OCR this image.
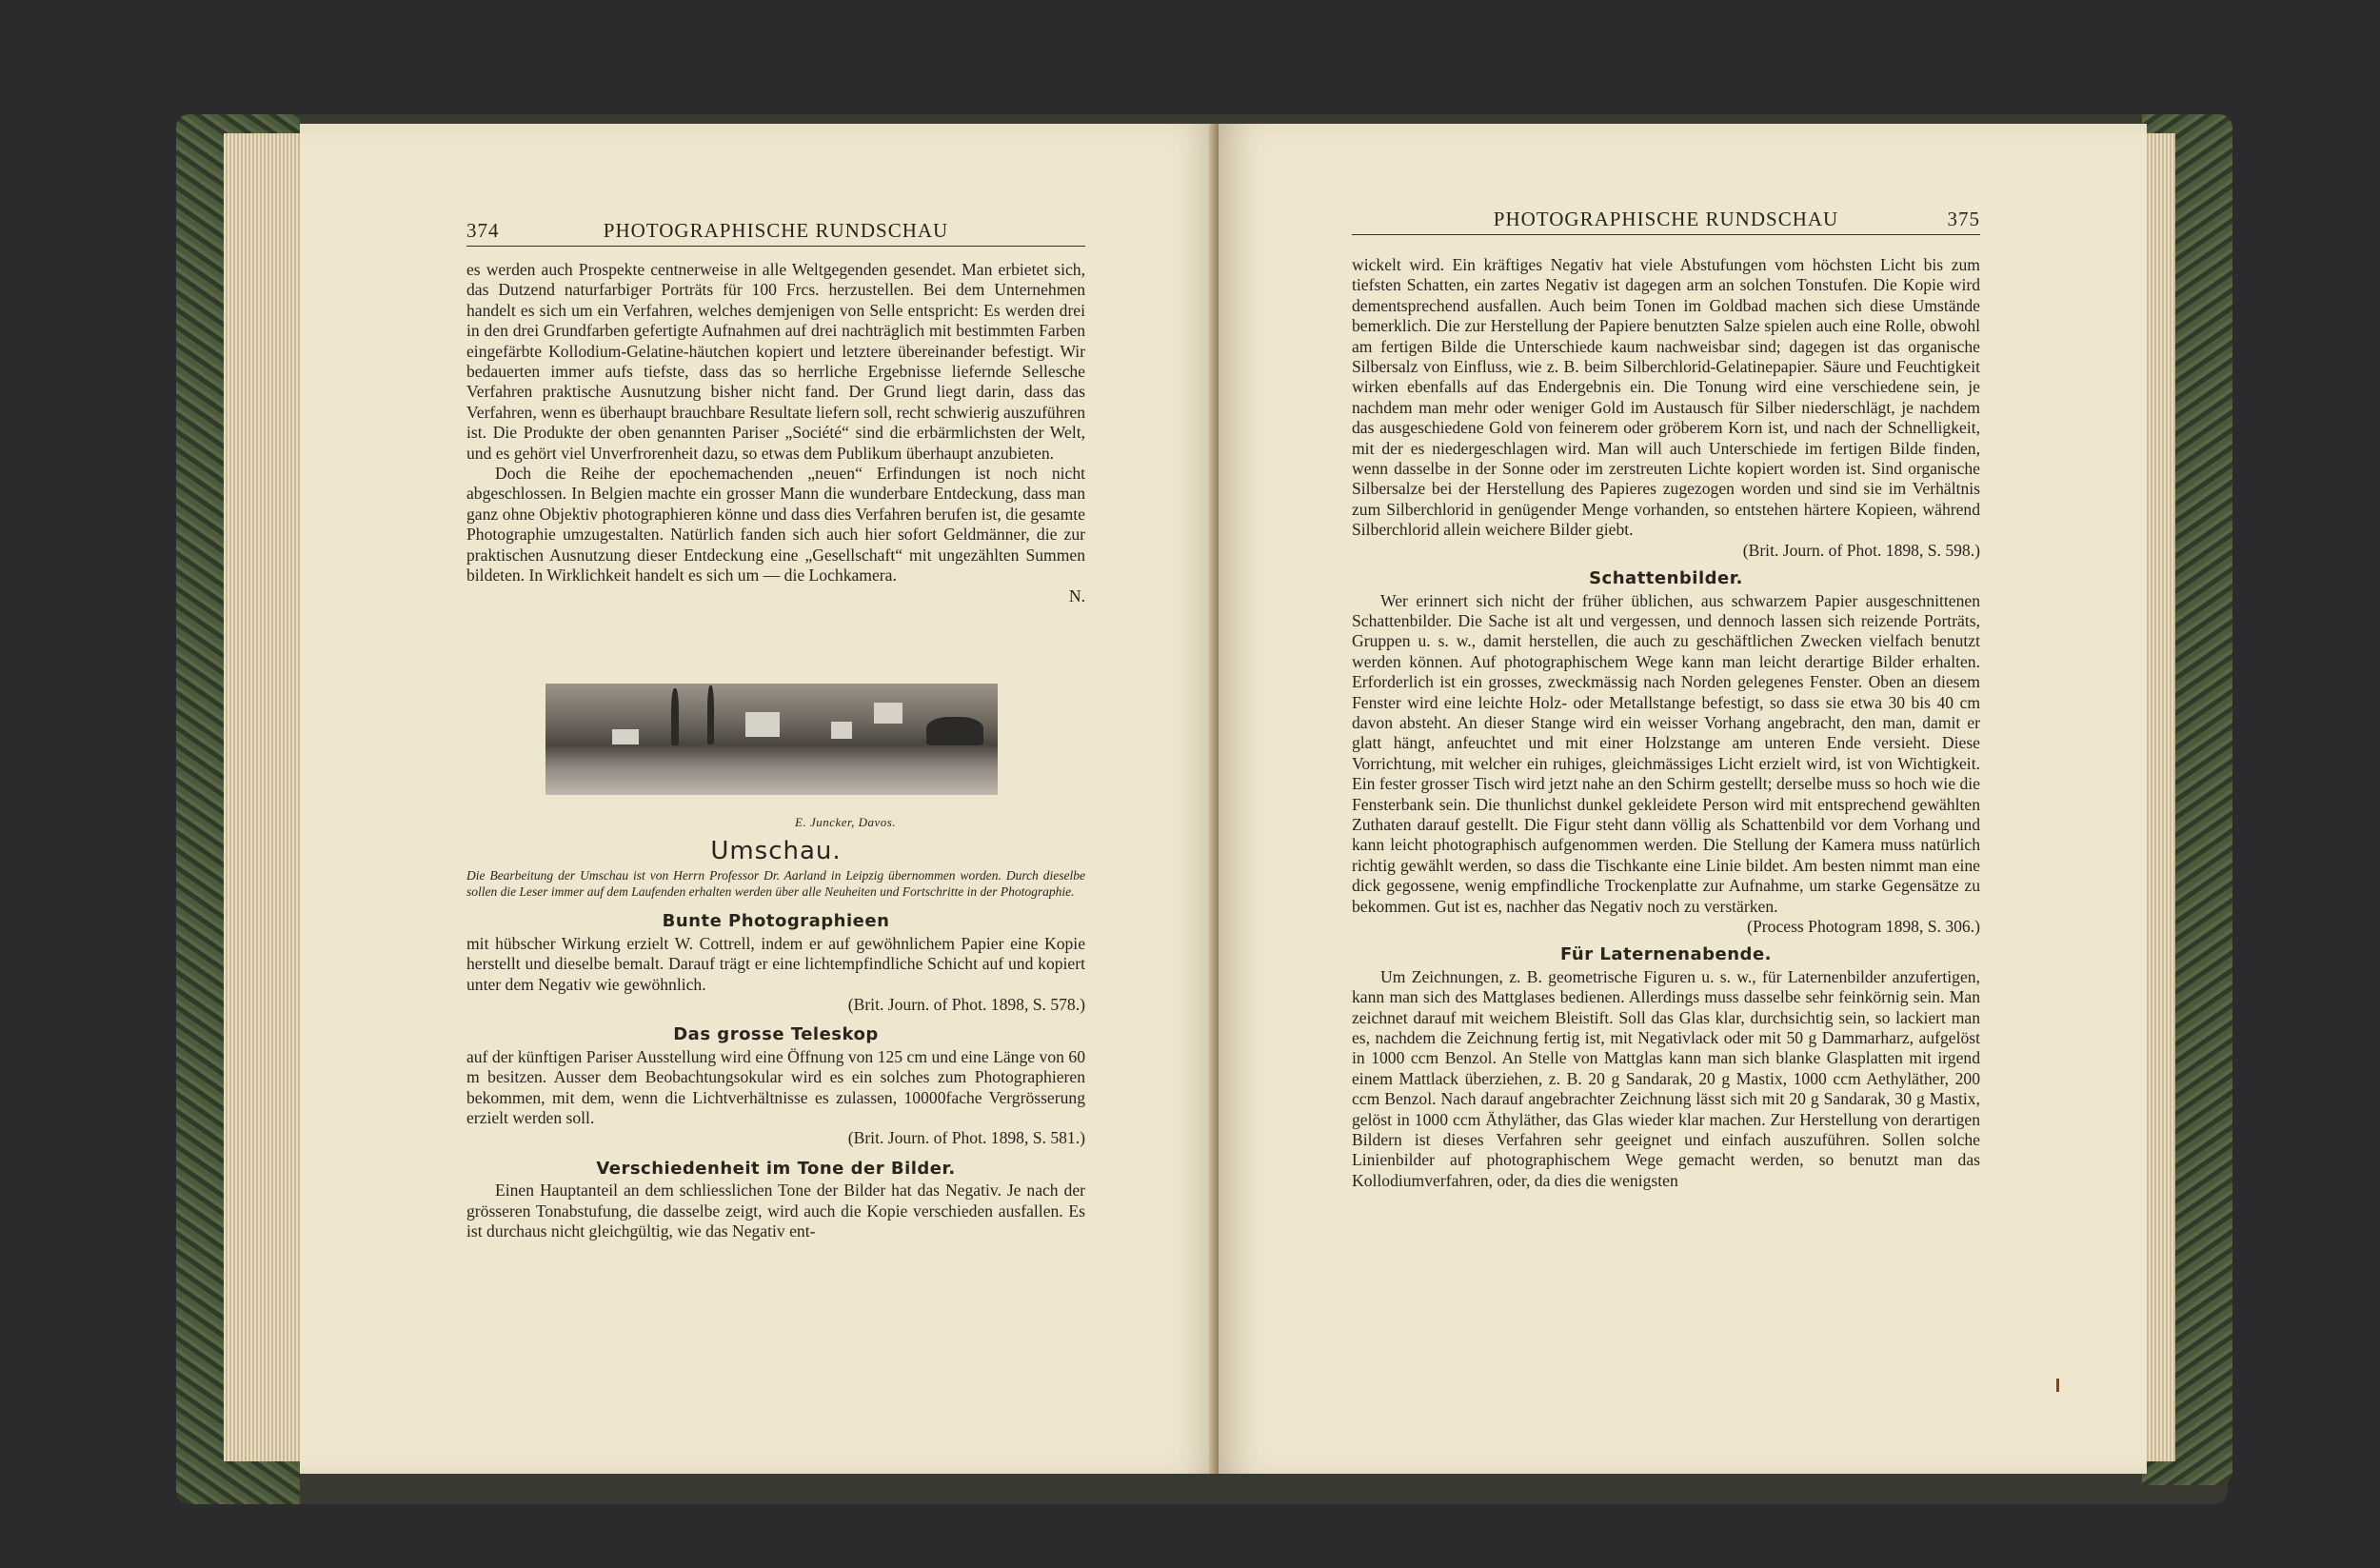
374	PHOTOGRAPHISCHE RUNDSCHAU

es werden auch Prospekte centnerweise in alle Weltgegenden gesendet. Man erbietet sich, das Dutzend naturfarbiger Porträts für 100 Frcs. herzustellen. Bei dem Unternehmen handelt es sich um ein Verfahren, welches demjenigen von Selle entspricht: Es werden drei in den drei Grundfarben gefertigte Aufnahmen auf drei nachträglich mit bestimmten Farben eingefärbte Kollodium-Gelatine-häutchen kopiert und letztere übereinander befestigt. Wir bedauerten immer aufs tiefste, dass das so herrliche Ergebnisse liefernde Sellesche Verfahren praktische Ausnutzung bisher nicht fand. Der Grund liegt darin, dass das Verfahren, wenn es überhaupt brauchbare Resultate liefern soll, recht schwierig auszuführen ist. Die Produkte der oben genannten Pariser „Société“ sind die erbärmlichsten der Welt, und es gehört viel Unverfrorenheit dazu, so etwas dem Publikum überhaupt anzubieten.

Doch die Reihe der epochemachenden „neuen“ Erfindungen ist noch nicht abgeschlossen. In Belgien machte ein grosser Mann die wunderbare Entdeckung, dass man ganz ohne Objektiv photographieren könne und dass dies Verfahren berufen ist, die gesamte Photographie umzugestalten. Natürlich fanden sich auch hier sofort Geldmänner, die zur praktischen Ausnutzung dieser Entdeckung eine „Gesellschaft“ mit ungezählten Summen bildeten. In Wirklichkeit handelt es sich um — die Lochkamera.

N.

E. Juncker, Davos.
Umschau.

Die Bearbeitung der Umschau ist von Herrn Professor Dr. Aarland in Leipzig übernommen worden. Durch dieselbe sollen die Leser immer auf dem Laufenden erhalten werden über alle Neuheiten und Fortschritte in der Photographie.

Bunte Photographieen

mit hübscher Wirkung erzielt W. Cottrell, indem er auf gewöhnlichem Papier eine Kopie herstellt und dieselbe bemalt. Darauf trägt er eine lichtempfindliche Schicht auf und kopiert unter dem Negativ wie gewöhnlich.

(Brit. Journ. of Phot. 1898, S. 578.)

Das grosse Teleskop

auf der künftigen Pariser Ausstellung wird eine Öffnung von 125 cm und eine Länge von 60 m besitzen. Ausser dem Beobachtungsokular wird es ein solches zum Photographieren bekommen, mit dem, wenn die Lichtverhältnisse es zulassen, 10000fache Vergrösserung erzielt werden soll.

(Brit. Journ. of Phot. 1898, S. 581.)

Verschiedenheit im Tone der Bilder.

Einen Hauptanteil an dem schliesslichen Tone der Bilder hat das Negativ. Je nach der grösseren Tonabstufung, die dasselbe zeigt, wird auch die Kopie verschieden ausfallen. Es ist durchaus nicht gleichgültig, wie das Negativ ent-

PHOTOGRAPHISCHE RUNDSCHAU	375

wickelt wird. Ein kräftiges Negativ hat viele Abstufungen vom höchsten Licht bis zum tiefsten Schatten, ein zartes Negativ ist dagegen arm an solchen Tonstufen. Die Kopie wird dementsprechend ausfallen. Auch beim Tonen im Goldbad machen sich diese Umstände bemerklich. Die zur Herstellung der Papiere benutzten Salze spielen auch eine Rolle, obwohl am fertigen Bilde die Unterschiede kaum nachweisbar sind; dagegen ist das organische Silbersalz von Einfluss, wie z. B. beim Silberchlorid-Gelatinepapier. Säure und Feuchtigkeit wirken ebenfalls auf das Endergebnis ein. Die Tonung wird eine verschiedene sein, je nachdem man mehr oder weniger Gold im Austausch für Silber niederschlägt, je nachdem das ausgeschiedene Gold von feinerem oder gröberem Korn ist, und nach der Schnelligkeit, mit der es niedergeschlagen wird. Man will auch Unterschiede im fertigen Bilde finden, wenn dasselbe in der Sonne oder im zerstreuten Lichte kopiert worden ist. Sind organische Silbersalze bei der Herstellung des Papieres zugezogen worden und sind sie im Verhältnis zum Silberchlorid in genügender Menge vorhanden, so entstehen härtere Kopieen, während Silberchlorid allein weichere Bilder giebt.

(Brit. Journ. of Phot. 1898, S. 598.)

Schattenbilder.

Wer erinnert sich nicht der früher üblichen, aus schwarzem Papier ausgeschnittenen Schattenbilder. Die Sache ist alt und vergessen, und dennoch lassen sich reizende Porträts, Gruppen u. s. w., damit herstellen, die auch zu geschäftlichen Zwecken vielfach benutzt werden können. Auf photographischem Wege kann man leicht derartige Bilder erhalten. Erforderlich ist ein grosses, zweckmässig nach Norden gelegenes Fenster. Oben an diesem Fenster wird eine leichte Holz- oder Metallstange befestigt, so dass sie etwa 30 bis 40 cm davon absteht. An dieser Stange wird ein weisser Vorhang angebracht, den man, damit er glatt hängt, anfeuchtet und mit einer Holzstange am unteren Ende versieht. Diese Vorrichtung, mit welcher ein ruhiges, gleichmässiges Licht erzielt wird, ist von Wichtigkeit. Ein fester grosser Tisch wird jetzt nahe an den Schirm gestellt; derselbe muss so hoch wie die Fensterbank sein. Die thunlichst dunkel gekleidete Person wird mit entsprechend gewählten Zuthaten darauf gestellt. Die Figur steht dann völlig als Schattenbild vor dem Vorhang und kann leicht photographisch aufgenommen werden. Die Stellung der Kamera muss natürlich richtig gewählt werden, so dass die Tischkante eine Linie bildet. Am besten nimmt man eine dick gegossene, wenig empfindliche Trockenplatte zur Aufnahme, um starke Gegensätze zu bekommen. Gut ist es, nachher das Negativ noch zu verstärken.

(Process Photogram 1898, S. 306.)

Für Laternenabende.

Um Zeichnungen, z. B. geometrische Figuren u. s. w., für Laternenbilder anzufertigen, kann man sich des Mattglases bedienen. Allerdings muss dasselbe sehr feinkörnig sein. Man zeichnet darauf mit weichem Bleistift. Soll das Glas klar, durchsichtig sein, so lackiert man es, nachdem die Zeichnung fertig ist, mit Negativlack oder mit 50 g Dammarharz, aufgelöst in 1000 ccm Benzol. An Stelle von Mattglas kann man sich blanke Glasplatten mit irgend einem Mattlack überziehen, z. B. 20 g Sandarak, 20 g Mastix, 1000 ccm Aethyläther, 200 ccm Benzol. Nach darauf angebrachter Zeichnung lässt sich mit 20 g Sandarak, 30 g Mastix, gelöst in 1000 ccm Äthyläther, das Glas wieder klar machen. Zur Herstellung von derartigen Bildern ist dieses Verfahren sehr geeignet und einfach auszuführen. Sollen solche Linienbilder auf photographischem Wege gemacht werden, so benutzt man das Kollodiumverfahren, oder, da dies die wenigsten
